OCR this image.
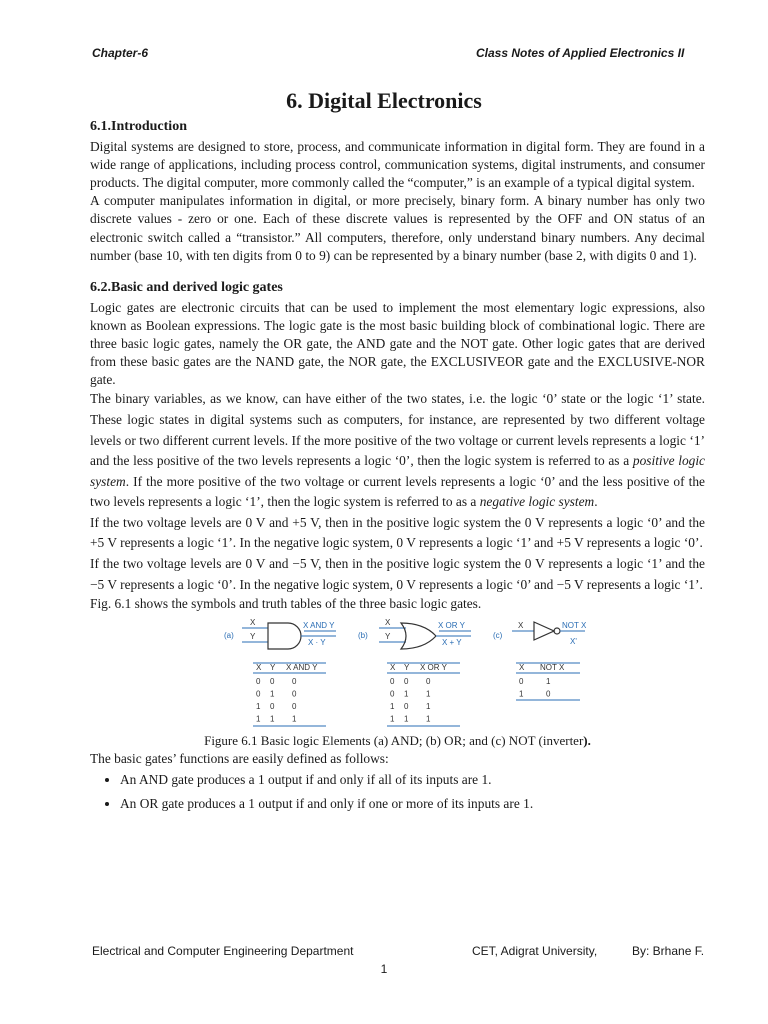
Chapter-6	Class Notes of Applied Electronics II
6. Digital Electronics
6.1.Introduction

Digital systems are designed to store, process, and communicate information in digital form. They are found in a wide range of applications, including process control, communication systems, digital instruments, and consumer products. The digital computer, more commonly called the “computer,” is an example of a typical digital system.

A computer manipulates information in digital, or more precisely, binary form. A binary number has only two discrete values - zero or one. Each of these discrete values is represented by the OFF and ON status of an electronic switch called a “transistor.” All computers, therefore, only understand binary numbers. Any decimal number (base 10, with ten digits from 0 to 9) can be represented by a binary number (base 2, with digits 0 and 1).

6.2.Basic and derived logic gates

Logic gates are electronic circuits that can be used to implement the most elementary logic expressions, also known as Boolean expressions. The logic gate is the most basic building block of combinational logic. There are three basic logic gates, namely the OR gate, the AND gate and the NOT gate. Other logic gates that are derived from these basic gates are the NAND gate, the NOR gate, the EXCLUSIVEOR gate and the EXCLUSIVE-NOR gate.

The binary variables, as we know, can have either of the two states, i.e. the logic ‘0’ state or the logic ‘1’ state. These logic states in digital systems such as computers, for instance, are represented by two different voltage levels or two different current levels. If the more positive of the two voltage or current levels represents a logic ‘1’ and the less positive of the two levels represents a logic ‘0’, then the logic system is referred to as a positive logic system. If the more positive of the two voltage or current levels represents a logic ‘0’ and the less positive of the two levels represents a logic ‘1’, then the logic system is referred to as a negative logic system.

If the two voltage levels are 0 V and +5 V, then in the positive logic system the 0 V represents a logic ‘0’ and the +5 V represents a logic ‘1’. In the negative logic system, 0 V represents a logic ‘1’ and +5 V represents a logic ‘0’.

If the two voltage levels are 0 V and −5 V, then in the positive logic system the 0 V represents a logic ‘1’ and the −5 V represents a logic ‘0’. In the negative logic system, 0 V represents a logic ‘0’ and −5 V represents a logic ‘1’.

Fig. 6.1 shows the symbols and truth tables of the three basic logic gates.

(a)
X
Y
X AND Y
X · Y
(b)
X
Y
X OR Y
X + Y
(c)
X	NOT X
X'
X Y X AND Y
0 0 0
0 1 0
1 0 0
1 1 1
X Y X OR Y
0 0 0
0 1 1
1 0 1
1 1 1
X NOT X
0	1
1	0
Figure 6.1 Basic logic Elements (a) AND; (b) OR; and (c) NOT (inverter).

The basic gates’ functions are easily defined as follows:

• An AND gate produces a 1 output if and only if all of its inputs are 1.
• An OR gate produces a 1 output if and only if one or more of its inputs are 1.
Electrical and Computer Engineering Department	CET, Adigrat University,	By: Brhane F.
1
